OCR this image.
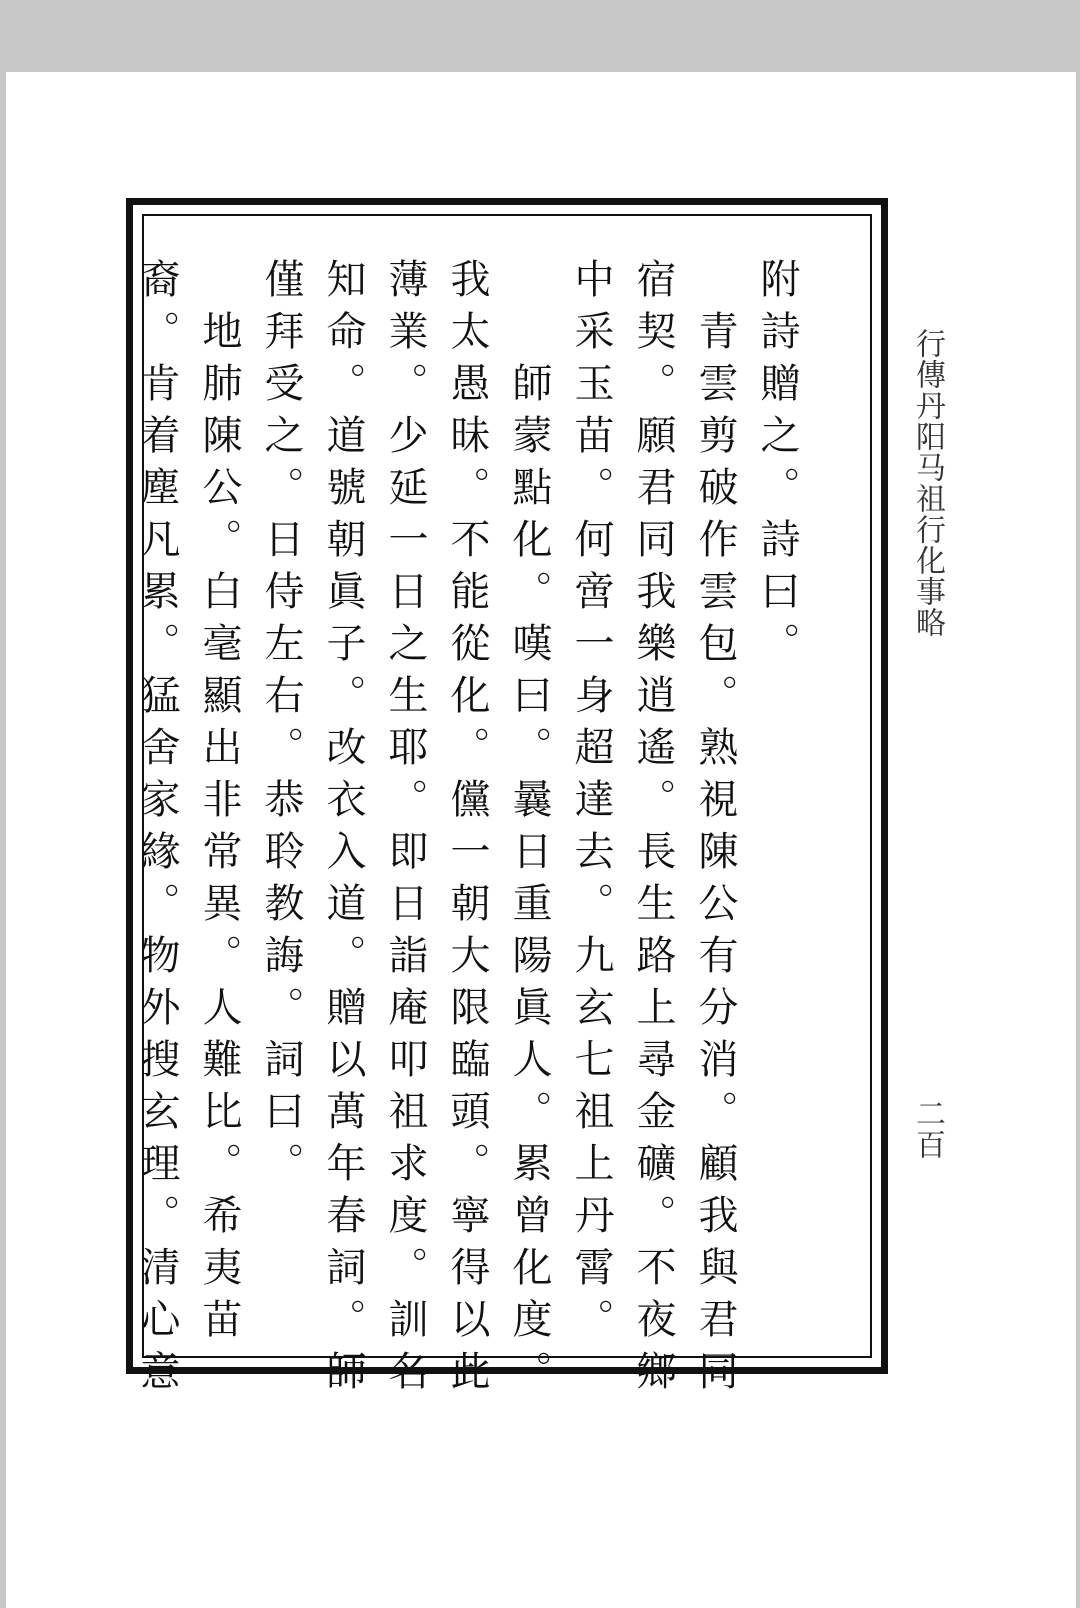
附詩贈之。詩曰。
青雲剪破作雲包。熟視陳公有分消。顧我與君同
宿契。願君同我樂逍遙。長生路上尋金礦。不夜鄉
中采玉苗。何啻一身超達去。九玄七祖上丹霄。
師蒙點化。嘆曰。曩日重陽眞人。累曾化度。
我太愚昧。不能從化。儻一朝大限臨頭。寧得以此
薄業。少延一日之生耶。即日詣庵叩祖求度。訓名
知命。道號朝眞子。改衣入道。贈以萬年春詞。師
僅拜受之。日侍左右。恭聆教誨。詞曰。
地肺陳公。白毫顯出非常異。人難比。希夷苗
裔。肯着塵凡累。猛舍家緣。物外搜玄理。清心意	行傳丹阳马祖行化事略
二百
